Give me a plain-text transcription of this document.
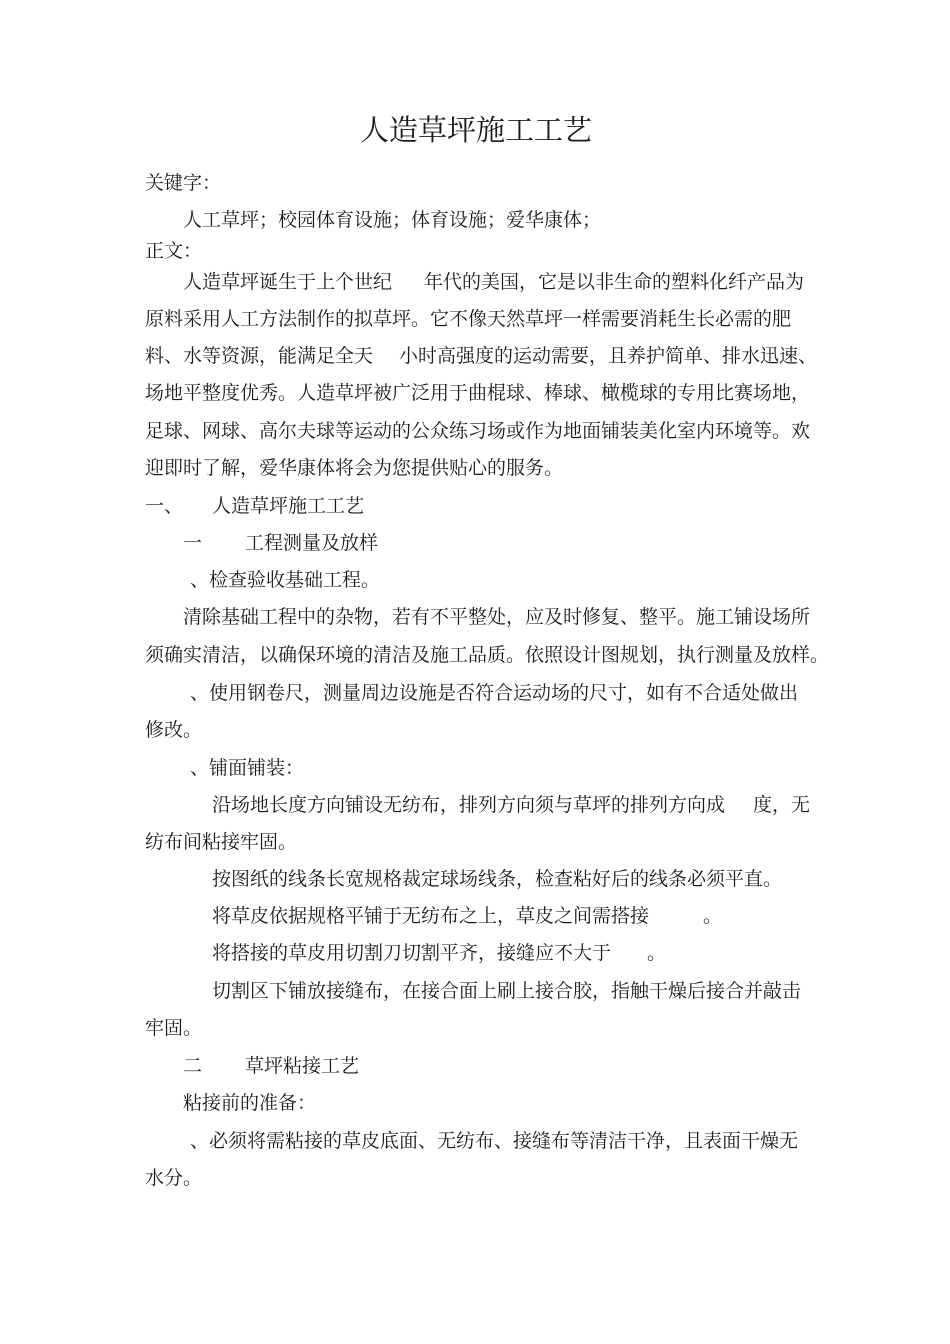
人造草坪施工工艺
关键字：
人工草坪；校园体育设施；体育设施；爱华康体；
正文：
人造草坪诞生于上个世纪 年代的美国，它是以非生命的塑料化纤产品为
原料采用人工方法制作的拟草坪。它不像天然草坪一样需要消耗生长必需的肥
料、水等资源，能满足全天 小时高强度的运动需要，且养护简单、排水迅速、
场地平整度优秀。人造草坪被广泛用于曲棍球、棒球、橄榄球的专用比赛场地，
足球、网球、高尔夫球等运动的公众练习场或作为地面铺装美化室内环境等。欢
迎即时了解，爱华康体将会为您提供贴心的服务。
一、 人造草坪施工工艺
一 工程测量及放样
、检查验收基础工程。
清除基础工程中的杂物，若有不平整处，应及时修复、整平。施工铺设场所
须确实清洁，以确保环境的清洁及施工品质。依照设计图规划，执行测量及放样。
、使用钢卷尺，测量周边设施是否符合运动场的尺寸，如有不合适处做出
修改。
、铺面铺装：
沿场地长度方向铺设无纺布，排列方向须与草坪的排列方向成 度，无
纺布间粘接牢固。
按图纸的线条长宽规格裁定球场线条，检查粘好后的线条必须平直。
将草皮依据规格平铺于无纺布之上，草皮之间需搭接	。
将搭接的草皮用切割刀切割平齐，接缝应不大于 。
切割区下铺放接缝布，在接合面上刷上接合胶，指触干燥后接合并敲击
牢固。
二 草坪粘接工艺
粘接前的准备：
、必须将需粘接的草皮底面、无纺布、接缝布等清洁干净，且表面干燥无
水分。
